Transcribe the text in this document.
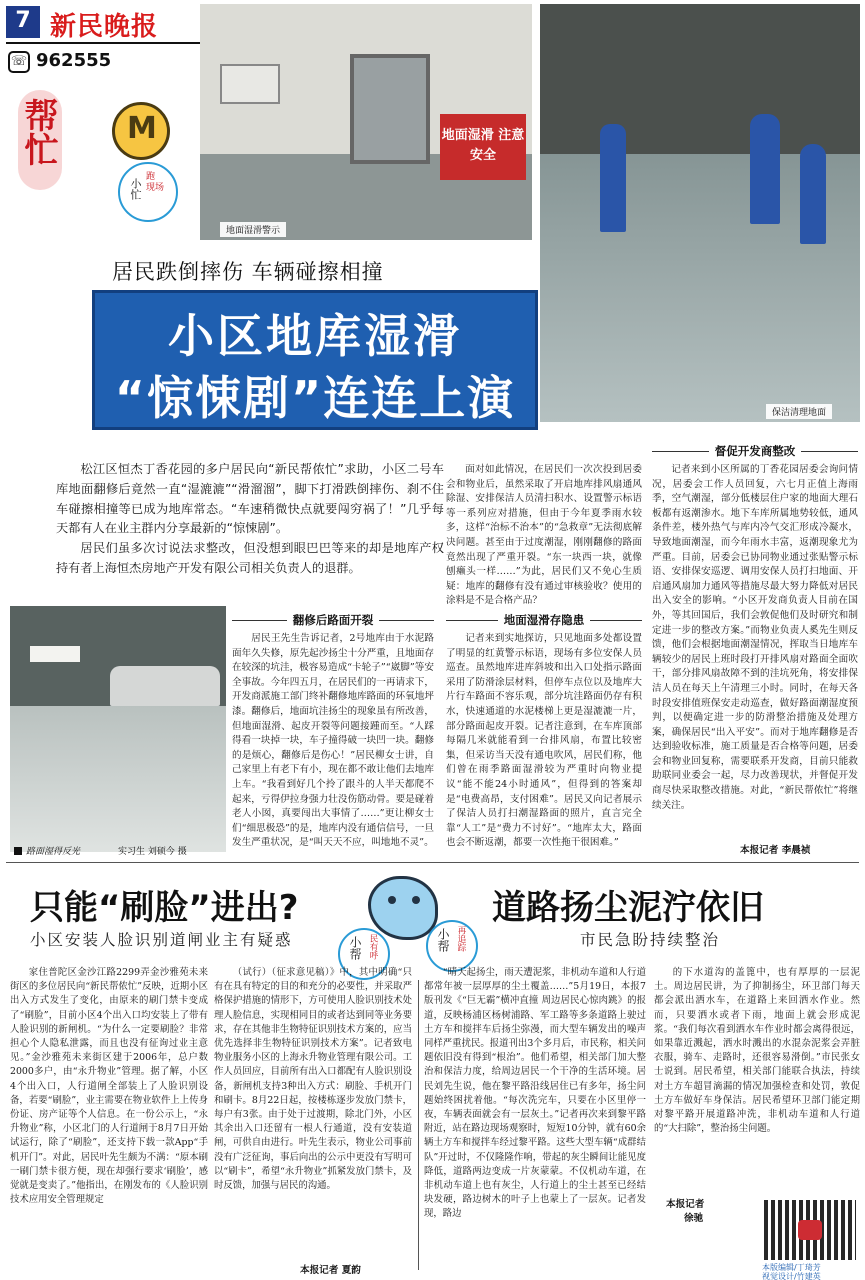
7 新民晚报
☏ 962555
帮忙 M
小忙
跑
现场
地面湿滑 注意安全
地面湿滑警示
保洁清理地面
居民跌倒摔伤 车辆碰擦相撞
小区地库湿滑
“惊悚剧”连连上演

松江区恒杰丁香花园的多户居民向“新民帮侬忙”求助，小区二号车库地面翻修后竟然一直“湿漉漉”“滑溜溜”，脚下打滑跌倒摔伤、刹不住车碰擦相撞等已成为地库常态。“车速稍微快点就要闯穷祸了！”几乎每天都有人在业主群内分享最新的“惊悚剧”。

居民们虽多次讨说法求整改，但没想到眼巴巴等来的却是地库产权持有者上海恒杰房地产开发有限公司相关负责人的退群。

路面湿得反光	实习生 刘硕今 摄
翻修后路面开裂

居民王先生告诉记者，2号地库由于水泥路面年久失修，原先起沙扬尘十分严重，且地面存在较深的坑洼，极容易造成“卡轮子”“崴脚”等安全事故。今年四五月，在居民们的一再请求下，开发商派施工部门终补翻修地库路面的环氧地坪漆。翻修后，地面坑洼扬尘的现象虽有所改善，但地面湿滑、起皮开裂等问题接踵而至。“人踩得看一块掉一块，车子撞得破一块凹一块。翻修的是烦心，翻修后是伤心！”居民柳女士讲，自己家里上有老下有小，现在都不敢让他们去地库上车。“我看到好几个拎了跟斗的人半天都爬不起来，亏得伊拉身强力壮没伤筋动骨。要是碰着老人小囡，真要闯出大事情了……”更让柳女士们“细思极恐”的是，地库内没有通信信号，一旦发生严重状况，是“叫天天不应，叫地地不灵”。

面对如此情况，在居民们一次次投到居委会和物业后，虽然采取了开启地库排风扇通风除湿、安排保洁人员清扫积水、设置警示标语等一系列应对措施，但由于今年夏季雨水较多，这样“治标不治本”的“急救章”无法彻底解决问题。甚至由于过度潮湿，刚刚翻修的路面竟然出现了严重开裂。“东一块西一块，就像刨癞头一样……”为此，居民们又不免心生质疑：地库的翻修有没有通过审核验收？使用的涂料是不是合格产品？

地面湿滑存隐患

记者来到实地探访，只见地面多处都设置了明显的红黄警示标语，现场有多位安保人员巡查。虽然地库进库斜坡和出入口处指示路面采用了防滑涂层材料，但停车点位以及地库大片行车路面不容乐观，部分坑洼路面仍存有积水，快速通道的水泥楼梯上更是湿漉漉一片，部分路面起皮开裂。记者注意到，在车库顶部每隔几米就能看到一台排风扇，布置比较密集，但采访当天没有通电吹风，居民们称，他们曾在雨季路面湿滑较为严重时向物业提议“能不能24小时通风”，但得到的答案却是“电费高昂，支付困难”。居民又向记者展示了保洁人员打扫潮湿路面的照片，直言完全靠“人工”是“费力不讨好”。“地库太大，路面也会不断返潮，都要一次性拖干很困难。”

督促开发商整改

记者来到小区所属的丁香花园居委会询问情况，居委会工作人员回复，六七月正值上海雨季，空气潮湿，部分低楼层住户家的地面大理石板都有返潮渗水。地下车库所属地势较低，通风条件差，楼外热气与库内冷气交汇形成冷凝水，导致地面潮湿，而今年雨水丰富，返潮现象尤为严重。目前，居委会已协同物业通过张贴警示标语、安排保安巡逻、调用安保人员打扫地面、开启通风扇加力通风等措施尽最大努力降低对居民出入安全的影响。“小区开发商负责人目前在国外，等其回国后，我们会敦促他们及时研究和制定进一步的整改方案。”而物业负责人奚先生则反馈，他们会根据地面潮湿情况，挥取当日地库车辆较少的居民上班时段打开排风扇对路面全面吹干，部分排风扇故障不到的洼坑死角，将安排保洁人员在每天上午清理三小时。同时，在每天各时段安排值班保安走动巡查，做好路面潮湿度预判，以便确定进一步的防滑整治措施及处理方案，确保居民“出入平安”。而对于地库翻修是否达到验收标准，施工质量是否合格等问题，居委会和物业回复称，需要联系开发商，目前只能救助联同业委会一起，尽力改善现状，并督促开发商尽快采取整改措施。对此，“新民帮侬忙”将继续关注。

本报记者 李晨祯
只能“刷脸”进出?
小区安装人脸识别道闸业主有疑惑	小帮 民有呼	小帮 再追踪
道路扬尘泥泞依旧
市民急盼持续整治

家住普陀区金沙江路2299弄金沙雅苑未来街区的多位居民向“新民帮侬忙”反映，近期小区出入方式发生了变化，由原来的刷门禁卡变成了“刷脸”，目前小区4个出入口均安装上了带有人脸识别的新闸机。“为什么一定要刷脸？非常担心个人隐私泄露，而且也没有征询过业主意见。”金沙雅苑未来街区建于2006年，总户数2000多户，由“永升物业”管理。据了解，小区4个出入口，人行道闸全部装上了人脸识别设备，若要“刷脸”，业主需要在物业软件上上传身份证、房产证等个人信息。在一份公示上，“永升物业”称，小区北门的人行道闸于8月7日开始试运行，除了“刷脸”，还支持下载一款App“手机开门”。对此，居民叶先生颇为不满：“原本刷一刷门禁卡很方便，现在却强行要求‘刷脸’，感觉就是变卖了。”他指出，在刚发布的《人脸识别技术应用安全管理规定

（试行）（征求意见稿）》中，其中明确“只有在具有特定的目的和充分的必要性，并采取严格保护措施的情形下，方可使用人脸识别技术处理人脸信息，实现相同目的或者达到同等业务要求，存在其他非生物特征识别技术方案的，应当优先选择非生物特征识别技术方案”。记者致电物业服务小区的上海永升物业管理有限公司。工作人员回应，目前所有出入口都配有人脸识别设备，新闸机支持3种出入方式：刷脸、手机开门和刷卡。8月22日起，按楼栋逐步发放门禁卡，每户有3张。由于处于过渡期，除北门外，小区其余出入口还留有一根人行通道，没有安装道闸，可供自由进行。叶先生表示，物业公司事前没有广泛征询，事后向出的公示中更没有写明可以“刷卡”，希望“永升物业”抓紧发放门禁卡，及时反馈，加强与居民的沟通。

本报记者 夏韵

“晴天起扬尘，雨天遭泥浆，非机动车道和人行道都常年被一层厚厚的尘土覆盖……”5月19日，本报7版刊发《“巨无霸”横冲直撞 周边居民心惊肉跳》的报道，反映杨浦区杨树浦路、军工路等多条道路上驶过土方车和搅拌车后扬尘弥漫，而大型车辆发出的噪声同样严重扰民。报道刊出3个多月后，市民称，相关问题依旧没有得到“根治”。他们希望，相关部门加大整治和保洁力度，给周边居民一个干净的生活环境。居民刘先生说，他在黎平路沿线居住已有多年，扬尘问题始终困扰着他。“每次洗完车，只要在小区里停一夜，车辆表面就会有一层灰土。”记者再次来到黎平路附近，站在路边现场观察时，短短10分钟，就有60余辆土方车和搅拌车经过黎平路。这些大型车辆“成群结队”开过时，不仅隆隆作响，带起的灰尘瞬间让能见度降低，道路两边变成一片灰蒙蒙。不仅机动车道，在非机动车道上也有灰尘，人行道上的尘土甚至已经结块发硬，路边树木的叶子上也蒙上了一层灰。记者发现，路边

的下水道沟的盖篦中，也有厚厚的一层泥土。周边居民讲，为了抑制扬尘，环卫部门每天都会派出洒水车，在道路上来回洒水作业。然而，只要洒水或者下雨，地面上就会形成泥浆。“我们每次看到洒水车作业时都会离得很远，如果靠近溅起，洒水时溅出的水混杂泥浆会弄脏衣服，骑车、走路时，还很容易滑倒。”市民张女士说到。居民希望，相关部门能联合执法，持续对土方车超冒滴漏的情况加强检查和处罚，敦促土方车做好车身保洁。居民希望环卫部门能定期对黎平路开展道路冲洗，非机动车道和人行道的“大扫除”，整治扬尘问题。

本报记者
徐驰
本版编辑/丁琦芳
视觉设计/竹建英
